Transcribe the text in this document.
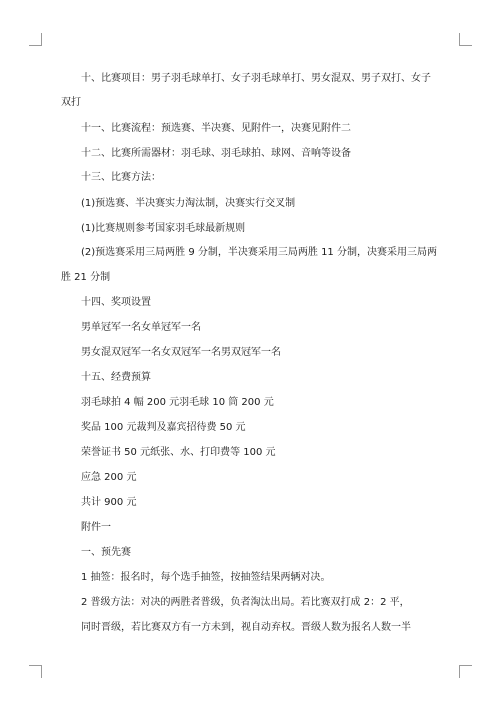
十、比赛项目：男子羽毛球单打、女子羽毛球单打、男女混双、男子双打、女子
双打
十一、比赛流程：预选赛、半决赛、见附件一，决赛见附件二
十二、比赛所需器材：羽毛球、羽毛球拍、球网、音响等设备
十三、比赛方法：
(1)预选赛、半决赛实力淘汰制，决赛实行交叉制
(1)比赛规则参考国家羽毛球最新规则
(2)预选赛采用三局两胜 9 分制，半决赛采用三局两胜 11 分制，决赛采用三局两
胜 21 分制
十四、奖项设置
男单冠军一名女单冠军一名
男女混双冠军一名女双冠军一名男双冠军一名
十五、经费预算
羽毛球拍 4 幅 200 元羽毛球 10 筒 200 元
奖品 100 元裁判及嘉宾招待费 50 元
荣誉证书 50 元纸张、水、打印费等 100 元
应急 200 元
共计 900 元
附件一
一、预先赛
1 抽签：报名时，每个选手抽签，按抽签结果两辆对决。
2 普级方法：对决的两胜者普级，负者淘汰出局。若比赛双打成 2：2 平，
同时晋级，若比赛双方有一方未到，视自动弃权。晋级人数为报名人数一半
